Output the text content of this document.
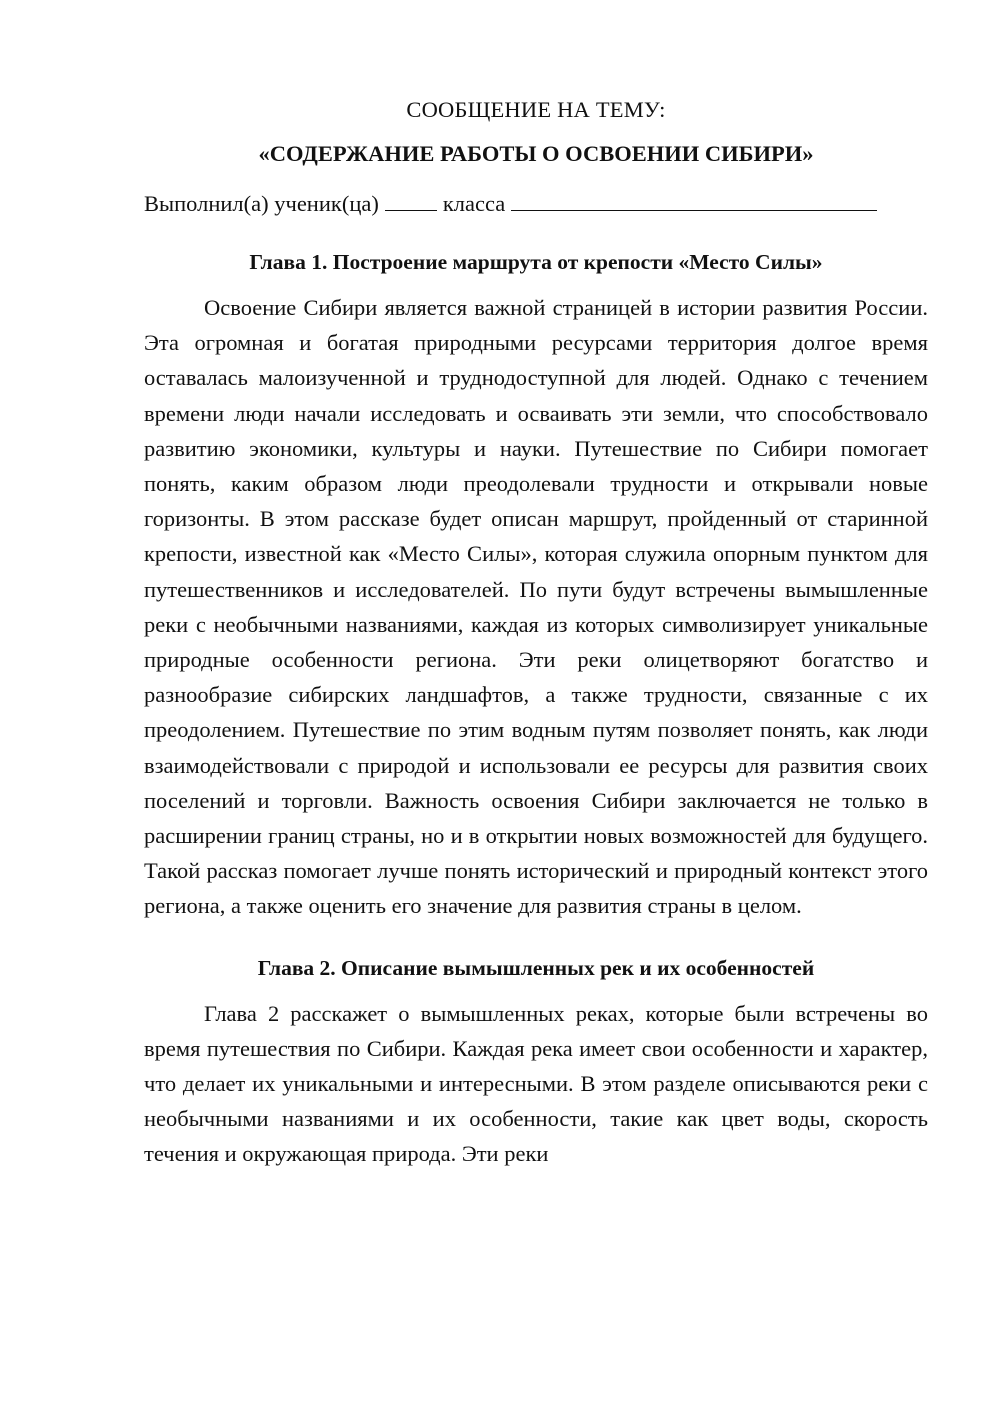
СООБЩЕНИЕ НА ТЕМУ:
«СОДЕРЖАНИЕ РАБОТЫ О ОСВОЕНИИ СИБИРИ»

Выполнил(а) ученик(ца)	класса

Глава 1. Построение маршрута от крепости «Место Силы»

Освоение Сибири является важной страницей в истории развития России. Эта огромная и богатая природными ресурсами территория долгое время оставалась малоизученной и труднодоступной для людей. Однако с течением времени люди начали исследовать и осваивать эти земли, что способствовало развитию экономики, культуры и науки. Путешествие по Сибири помогает понять, каким образом люди преодолевали трудности и открывали новые горизонты. В этом рассказе будет описан маршрут, пройденный от старинной крепости, известной как «Место Силы», которая служила опорным пунктом для путешественников и исследователей. По пути будут встречены вымышленные реки с необычными названиями, каждая из которых символизирует уникальные природные особенности региона. Эти реки олицетворяют богатство и разнообразие сибирских ландшафтов, а также трудности, связанные с их преодолением. Путешествие по этим водным путям позволяет понять, как люди взаимодействовали с природой и использовали ее ресурсы для развития своих поселений и торговли. Важность освоения Сибири заключается не только в расширении границ страны, но и в открытии новых возможностей для будущего. Такой рассказ помогает лучше понять исторический и природный контекст этого региона, а также оценить его значение для развития страны в целом.

Глава 2. Описание вымышленных рек и их особенностей

Глава 2 расскажет о вымышленных реках, которые были встречены во время путешествия по Сибири. Каждая река имеет свои особенности и характер, что делает их уникальными и интересными. В этом разделе описываются реки с необычными названиями и их особенности, такие как цвет воды, скорость течения и окружающая природа. Эти реки
